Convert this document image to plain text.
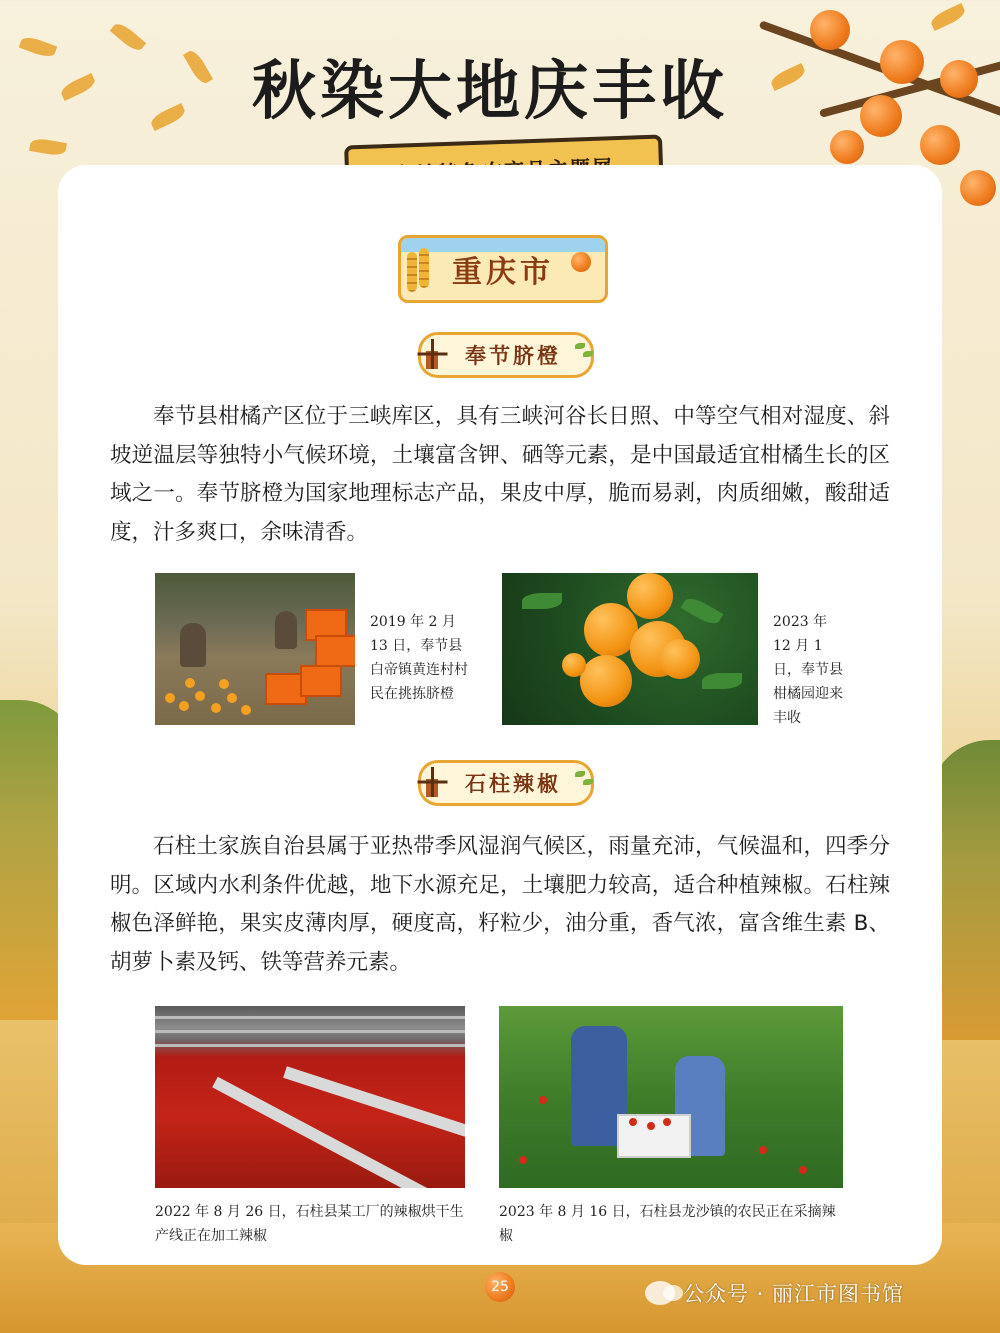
秋染大地庆丰收
重庆市
奉节脐橙

奉节县柑橘产区位于三峡库区，具有三峡河谷长日照、中等空气相对湿度、斜坡逆温层等独特小气候环境，土壤富含钾、硒等元素，是中国最适宜柑橘生长的区域之一。奉节脐橙为国家地理标志产品，果皮中厚，脆而易剥，肉质细嫩，酸甜适度，汁多爽口，余味清香。

2019 年 2 月 13 日，奉节县白帝镇黄连村村民在挑拣脐橙

2023 年 12 月 1 日，奉节县柑橘园迎来丰收

石柱辣椒

石柱土家族自治县属于亚热带季风湿润气候区，雨量充沛，气候温和，四季分明。区域内水利条件优越，地下水源充足，土壤肥力较高，适合种植辣椒。石柱辣椒色泽鲜艳，果实皮薄肉厚，硬度高，籽粒少，油分重，香气浓，富含维生素 B、胡萝卜素及钙、铁等营养元素。

2022 年 8 月 26 日，石柱县某工厂的辣椒烘干生产线正在加工辣椒

2023 年 8 月 16 日，石柱县龙沙镇的农民正在采摘辣椒

25	公众号 · 丽江市图书馆
